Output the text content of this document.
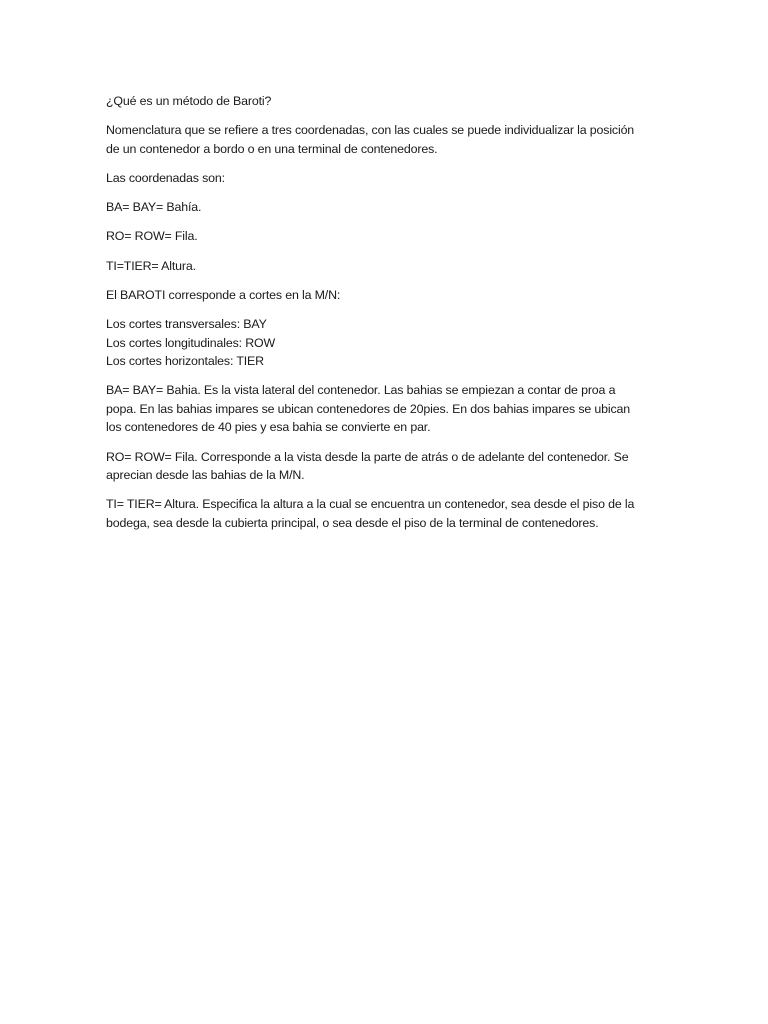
¿Qué es un método de Baroti?

Nomenclatura que se refiere a tres coordenadas, con las cuales se puede individualizar la posición
de un contenedor a bordo o en una terminal de contenedores.

Las coordenadas son:

BA= BAY= Bahía.

RO= ROW= Fila.

TI=TIER= Altura.

El BAROTI corresponde a cortes en la M/N:

Los cortes transversales: BAY
Los cortes longitudinales: ROW
Los cortes horizontales: TIER

BA= BAY= Bahia. Es la vista lateral del contenedor. Las bahias se empiezan a contar de proa a
popa. En las bahias impares se ubican contenedores de 20pies. En dos bahias impares se ubican
los contenedores de 40 pies y esa bahia se convierte en par.

RO= ROW= Fila. Corresponde a la vista desde la parte de atrás o de adelante del contenedor. Se
aprecian desde las bahias de la M/N.

TI= TIER= Altura. Especifica la altura a la cual se encuentra un contenedor, sea desde el piso de la
bodega, sea desde la cubierta principal, o sea desde el piso de la terminal de contenedores.
